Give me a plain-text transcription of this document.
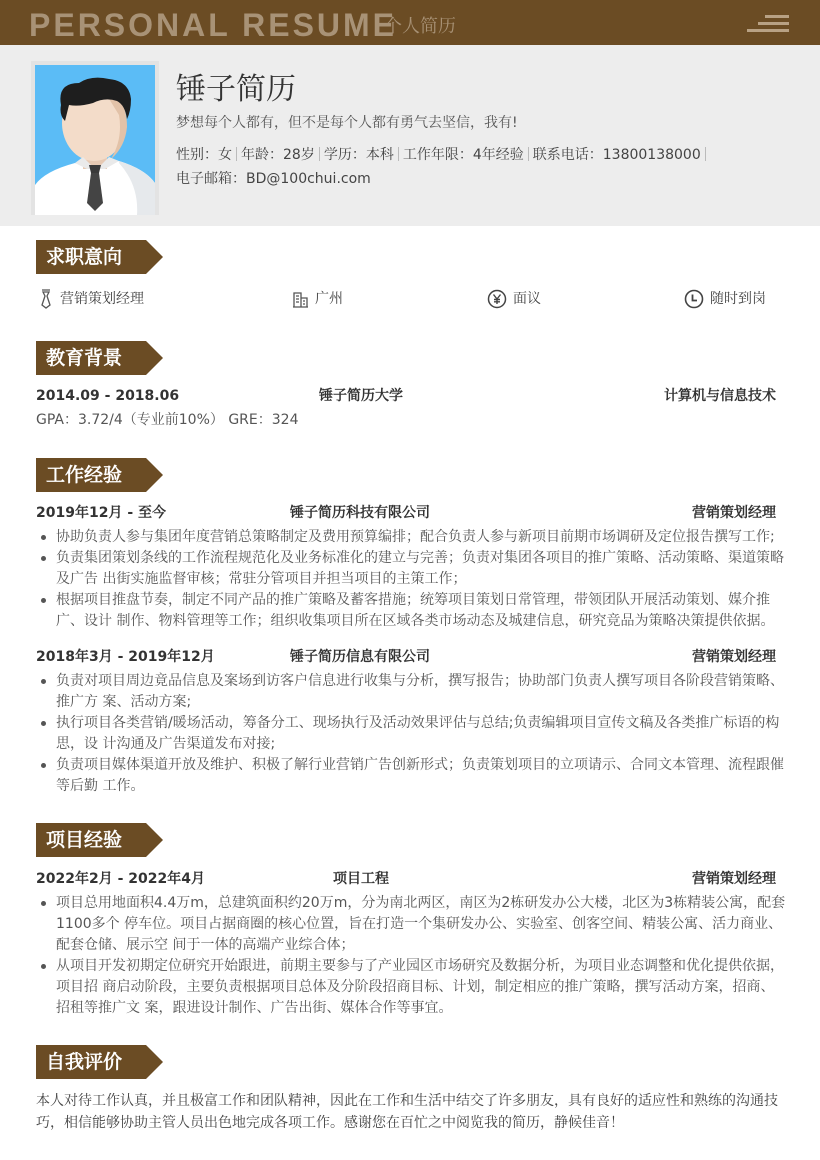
PERSONAL RESUME
个人简历
锤子简历
梦想每个人都有，但不是每个人都有勇气去坚信，我有!
性别：女 年龄：28岁 学历：本科 工作年限：4年经验 联系电话：13800138000
电子邮箱：BD@100chui.com
求职意向
营销策划经理	广州	面议	随时到岗
教育背景
2014.09 - 2018.06	锤子简历大学	计算机与信息技术
GPA：3.72/4（专业前10%） GRE：324
工作经验
2019年12月 - 至今	锤子简历科技有限公司	营销策划经理
协助负责人参与集团年度营销总策略制定及费用预算编排；配合负责人参与新项目前期市场调研及定位报告撰写工作;
负责集团策划条线的工作流程规范化及业务标准化的建立与完善；负责对集团各项目的推广策略、活动策略、渠道策略及广告 出街实施监督审核；常驻分管项目并担当项目的主策工作；
根据项目推盘节奏，制定不同产品的推广策略及蓄客措施；统筹项目策划日常管理，带领团队开展活动策划、媒介推广、设计 制作、物料管理等工作；组织收集项目所在区域各类市场动态及城建信息，研究竞品为策略决策提供依据。
2018年3月 - 2019年12月	锤子简历信息有限公司	营销策划经理
负责对项目周边竟品信息及案场到访客户信息进行收集与分析，撰写报告；协助部门负责人撰写项目各阶段营销策略、推广方 案、活动方案;
执行项目各类营销/暖场活动，筹备分工、现场执行及活动效果评估与总结;负责编辑项目宣传文稿及各类推广标语的构思，设 计沟通及广告渠道发布对接;
负责项目媒体渠道开放及维护、积极了解行业营销广告创新形式；负责策划项目的立项请示、合同文本管理、流程跟催等后勤 工作。
项目经验
2022年2月 - 2022年4月	项目工程	营销策划经理
项目总用地面积4.4万m，总建筑面积约20万m，分为南北两区，南区为2栋研发办公大楼，北区为3栋精装公寓，配套1100多个 停车位。项目占据商圈的核心位置，旨在打造一个集研发办公、实验室、创客空间、精装公寓、活力商业、配套仓储、展示空 间于一体的高端产业综合体；
从项目开发初期定位研究开始跟进，前期主要参与了产业园区市场研究及数据分析，为项目业态调整和优化提供依据，项目招 商启动阶段，主要负责根据项目总体及分阶段招商目标、计划，制定相应的推广策略，撰写活动方案，招商、招租等推广文 案，跟进设计制作、广告出街、媒体合作等事宜。
自我评价
本人对待工作认真，并且极富工作和团队精神，因此在工作和生活中结交了许多朋友，具有良好的适应性和熟练的沟通技巧，相信能够协助主管人员出色地完成各项工作。感谢您在百忙之中阅览我的简历，静候佳音！
